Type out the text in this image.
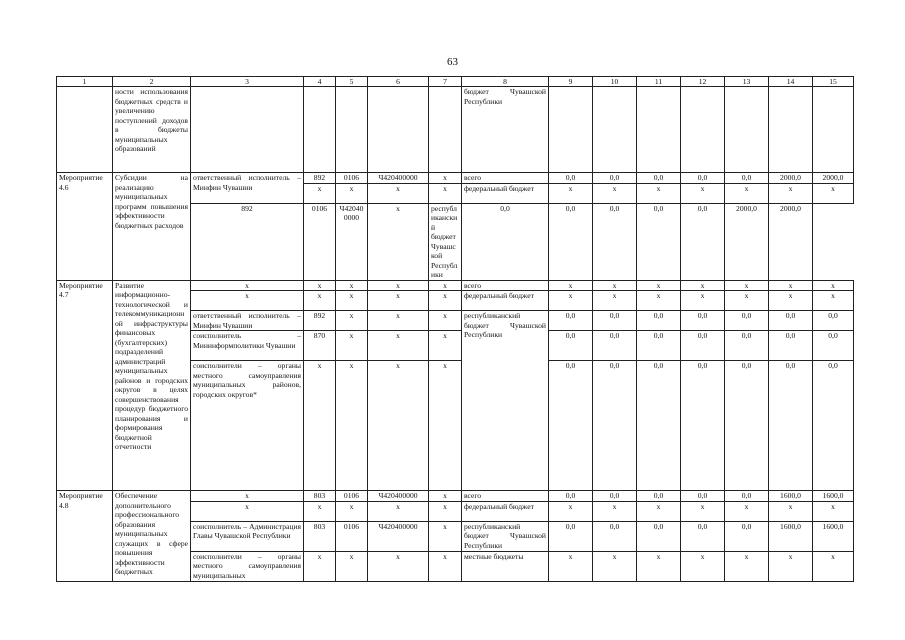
63
1	2	3	4	5	6	7	8	9	10	11	12	13	14	15
	ности использования бюджетных средств и увеличению поступлений доходов в бюджеты муниципальных образований						бюджет Чувашской Республики							
Мероприятие 4.6	Субсидии на реализацию муниципальных программ повышения эффективности бюджетных расходов	ответственный исполнитель – Минфин Чувашии	892	0106	Ч420400000	x	всего	0,0	0,0	0,0	0,0	0,0	2000,0	2000,0
			x	x	x	x	федеральный бюджет	x	x	x	x	x	x	x
		892	0106	Ч420400000	x	республиканский бюджет Чувашской Республики	0,0	0,0	0,0	0,0	0,0	2000,0	2000,0	
Мероприятие 4.7	Развитие информационно-технологической и телекоммуникационной инфраструктуры финансовых (бухгалтерских) подразделений администраций муниципальных районов и городских округов в целях совершенствования процедур бюджетного планирования и формирования бюджетной отчетности	x	x	x	x	x	всего	x	x	x	x	x	x	x
		x	x	x	x	x	федеральный бюджет	x	x	x	x	x	x	x
		ответственный исполнитель – Минфин Чувашии	892	x	x	x	республиканский бюджет Чувашской Республики	0,0	0,0	0,0	0,0	0,0	0,0	0,0
		соисполнитель – Мининформполитики Чувашии	870	x	x	x		0,0	0,0	0,0	0,0	0,0	0,0	0,0
		соисполнители – органы местного самоуправления муниципальных районов, городских округов*	x	x	x	x		0,0	0,0	0,0	0,0	0,0	0,0	0,0
Мероприятие 4.8	Обеспечение дополнительного профессионального образования муниципальных служащих в сфере повышения эффективности бюджетных	x	803	0106	Ч420400000	x	всего	0,0	0,0	0,0	0,0	0,0	1600,0	1600,0
		x	x	x	x	x	федеральный бюджет	x	x	x	x	x	x	x
		соисполнитель – Администрация Главы Чувашской Республики	803	0106	Ч420400000	x	республиканский бюджет Чувашской Республики	0,0	0,0	0,0	0,0	0,0	1600,0	1600,0
		соисполнители – органы местного самоуправления муниципальных	x	x	x	x	местные бюджеты	x	x	x	x	x	x	x
